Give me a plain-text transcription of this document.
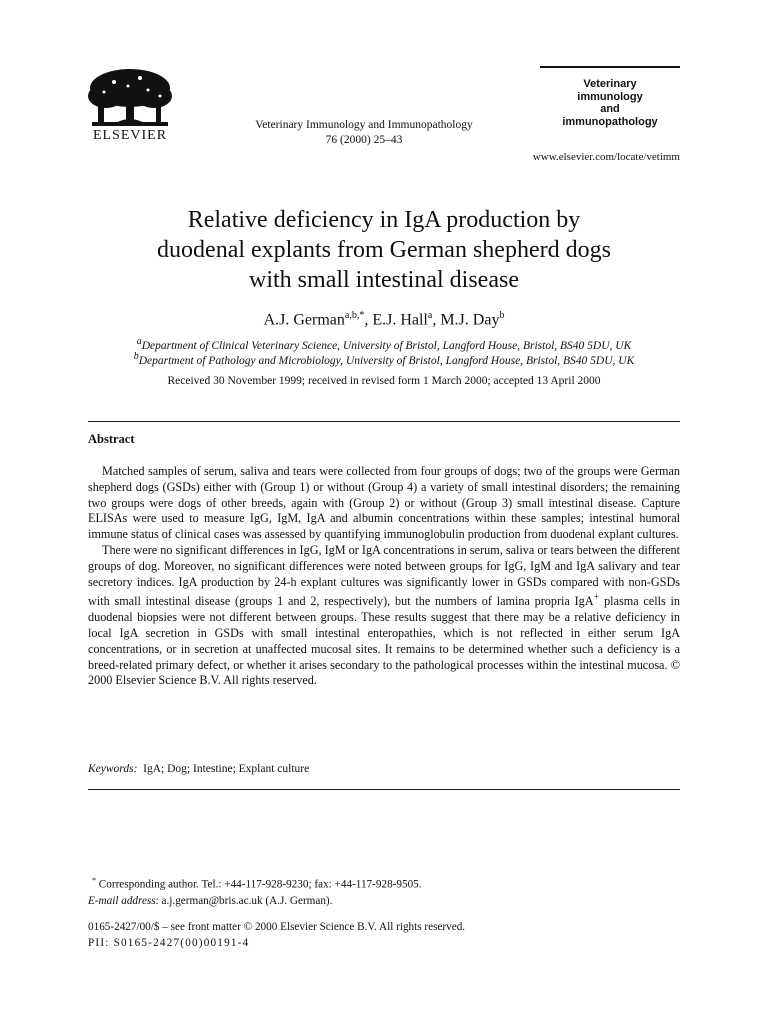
ELSEVIER
Veterinary Immunology and Immunopathology
76 (2000) 25–43
Veterinary
immunology
and
immunopathology
www.elsevier.com/locate/vetimm
Relative deficiency in IgA production by
duodenal explants from German shepherd dogs
with small intestinal disease
A.J. German$^{a,b,*}$, E.J. Hall$^a$, M.J. Day$^b$
$^a$Department of Clinical Veterinary Science, University of Bristol, Langford House, Bristol, BS40 5DU, UK
$^b$Department of Pathology and Microbiology, University of Bristol, Langford House, Bristol, BS40 5DU, UK
Received 30 November 1999; received in revised form 1 March 2000; accepted 13 April 2000
Abstract

Matched samples of serum, saliva and tears were collected from four groups of dogs; two of the groups were German shepherd dogs (GSDs) either with (Group 1) or without (Group 4) a variety of small intestinal disorders; the remaining two groups were dogs of other breeds, again with (Group 2) or without (Group 3) small intestinal disease. Capture ELISAs were used to measure IgG, IgM, IgA and albumin concentrations within these samples; intestinal humoral immune status of clinical cases was assessed by quantifying immunoglobulin production from duodenal explant cultures.

There were no significant differences in IgG, IgM or IgA concentrations in serum, saliva or tears between the different groups of dog. Moreover, no significant differences were noted between groups for IgG, IgM and IgA salivary and tear secretory indices. IgA production by 24-h explant cultures was significantly lower in GSDs compared with non-GSDs with small intestinal disease (groups 1 and 2, respectively), but the numbers of lamina propria IgA+ plasma cells in duodenal biopsies were not different between groups. These results suggest that there may be a relative deficiency in local IgA secretion in GSDs with small intestinal enteropathies, which is not reflected in either serum IgA concentrations, or in secretion at unaffected mucosal sites. It remains to be determined whether such a deficiency is a breed-related primary defect, or whether it arises secondary to the pathological processes within the intestinal mucosa. © 2000 Elsevier Science B.V. All rights reserved.

Keywords: IgA; Dog; Intestine; Explant culture
* Corresponding author. Tel.: +44-117-928-9230; fax: +44-117-928-9505.
E-mail address: a.j.german@bris.ac.uk (A.J. German).
0165-2427/00/$ – see front matter © 2000 Elsevier Science B.V. All rights reserved.
PII: S0165-2427(00)00191-4
